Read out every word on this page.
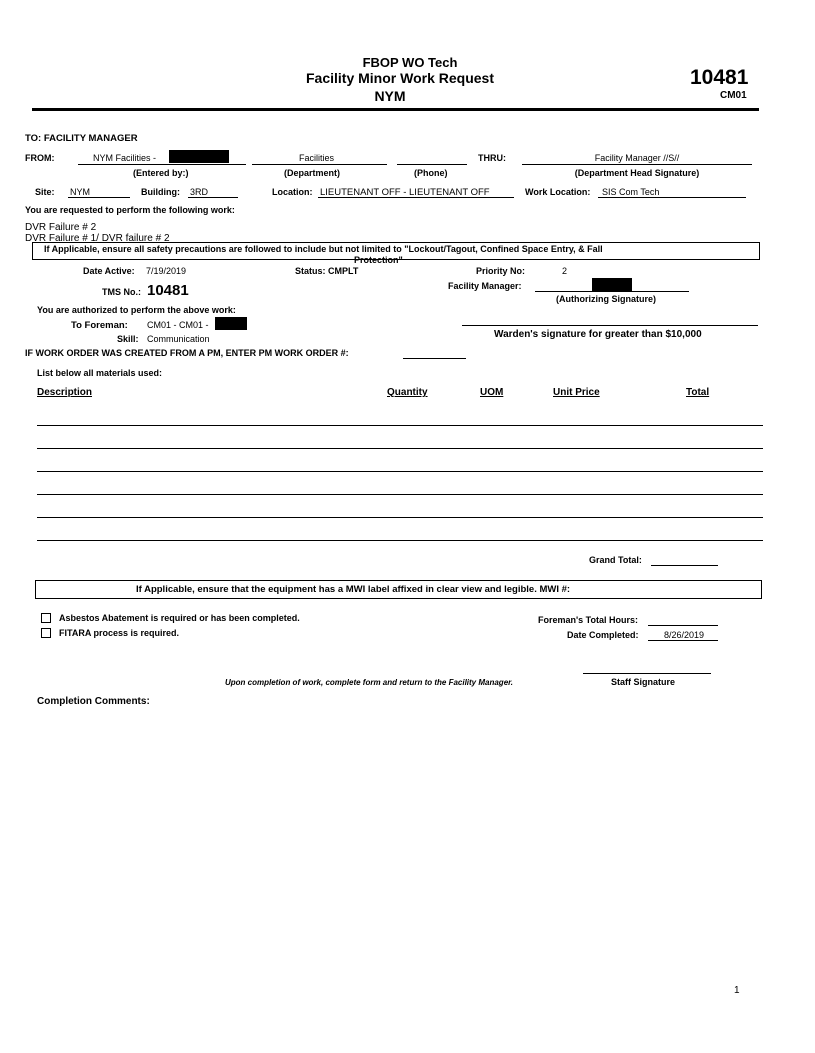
FBOP WO Tech
Facility Minor Work Request
NYM
10481
CM01
TO: FACILITY MANAGER
FROM:	NYM Facilities -
(Entered by:)
Facilities
(Department)	(Phone)
THRU:	Facility Manager //S//
(Department Head Signature)
Site: NYM	Building: 3RD	Location: LIEUTENANT OFF - LIEUTENANT OFF	Work Location: SIS Com Tech
You are requested to perform the following work:
DVR Failure # 2
DVR Failure # 1/ DVR failure # 2
If Applicable, ensure all safety precautions are followed to include but not limited to "Lockout/Tagout, Confined Space Entry, & Fall
Protection"
Date Active: 7/19/2019	Status: CMPLT	Priority No:	2
TMS No.: 10481	Facility Manager:
(Authorizing Signature)
You are authorized to perform the above work:
To Foreman: CM01 - CM01 -
Skill: Communication	Warden's signature for greater than $10,000
IF WORK ORDER WAS CREATED FROM A PM, ENTER PM WORK ORDER #:
List below all materials used:
Description	Quantity	UOM	Unit Price	Total
Grand Total:
If Applicable, ensure that the equipment has a MWI label affixed in clear view and legible. MWI #:
Asbestos Abatement is required or has been completed.
FITARA process is required.
Foreman's Total Hours:
Date Completed:	8/26/2019
Upon completion of work, complete form and return to the Facility Manager.	Staff Signature
Completion Comments:
1
